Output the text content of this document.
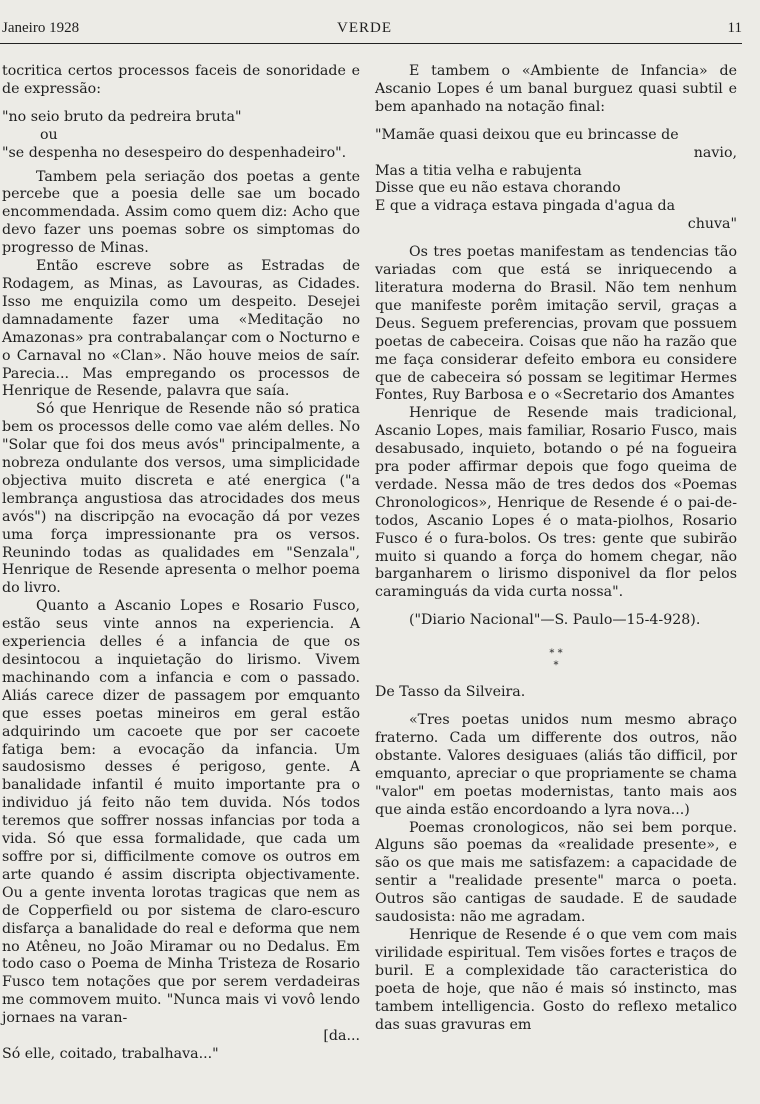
Janeiro 1928	VERDE	11

tocritica certos processos faceis de sonoridade e de expressão:

"no seio bruto da pedreira bruta"

ou

"se despenha no desespeiro do despenhadeiro".

Tambem pela seriação dos poetas a gente percebe que a poesia delle sae um bocado encommendada. Assim como quem diz: Acho que devo fazer uns poemas sobre os simptomas do progresso de Minas.

Então escreve sobre as Estradas de Rodagem, as Minas, as Lavouras, as Cidades. Isso me enquizila como um despeito. Desejei damnadamente fazer uma «Meditação no Amazonas» pra contrabalançar com o Nocturno e o Carnaval no «Clan». Não houve meios de saír. Parecia... Mas empregando os processos de Henrique de Resende, palavra que saía.

Só que Henrique de Resende não só pratica bem os processos delle como vae além delles. No "Solar que foi dos meus avós" principalmente, a nobreza ondulante dos versos, uma simplicidade objectiva muito discreta e até energica ("a lembrança angustiosa das atrocidades dos meus avós") na discripção na evocação dá por vezes uma força impressionante pra os versos. Reunindo todas as qualidades em "Senzala", Henrique de Resende apresenta o melhor poema do livro.

Quanto a Ascanio Lopes e Rosario Fusco, estão seus vinte annos na experiencia. A experiencia delles é a infancia de que os desintocou a inquietação do lirismo. Vivem machinando com a infancia e com o passado. Aliás carece dizer de passagem por emquanto que esses poetas mineiros em geral estão adquirindo um cacoete que por ser cacoete fatiga bem: a evocação da infancia. Um saudosismo desses é perigoso, gente. A banalidade infantil é muito importante pra o individuo já feito não tem duvida. Nós todos teremos que soffrer nossas infancias por toda a vida. Só que essa formalidade, que cada um soffre por si, difficilmente comove os outros em arte quando é assim discripta objectivamente. Ou a gente inventa lorotas tragicas que nem as de Copperfield ou por sistema de claro-escuro disfarça a banalidade do real e deforma que nem no Atêneu, no João Miramar ou no Dedalus. Em todo caso o Poema de Minha Tristeza de Rosario Fusco tem notações que por serem verdadeiras me commovem muito. "Nunca mais vi vovô lendo jornaes na varan-

[da...

Só elle, coitado, trabalhava..."

E tambem o «Ambiente de Infancia» de Ascanio Lopes é um banal burguez quasi subtil e bem apanhado na notação final:

"Mamãe quasi deixou que eu brincasse de

navio,

Mas a titia velha e rabujenta

Disse que eu não estava chorando

E que a vidraça estava pingada d'agua da

chuva"

Os tres poetas manifestam as tendencias tão variadas com que está se inriquecendo a literatura moderna do Brasil. Não tem nenhum que manifeste porêm imitação servil, graças a Deus. Seguem preferencias, provam que possuem poetas de cabeceira. Coisas que não ha razão que me faça considerar defeito embora eu considere que de cabeceira só possam se legitimar Hermes Fontes, Ruy Barbosa e o «Secretario dos Amantes

Henrique de Resende mais tradicional, Ascanio Lopes, mais familiar, Rosario Fusco, mais desabusado, inquieto, botando o pé na fogueira pra poder affirmar depois que fogo queima de verdade. Nessa mão de tres dedos dos «Poemas Chronologicos», Henrique de Resende é o pai-de-todos, Ascanio Lopes é o mata-piolhos, Rosario Fusco é o fura-bolos. Os tres: gente que subirão muito si quando a força do homem chegar, não barganharem o lirismo disponivel da flor pelos caraminguás da vida curta nossa".

("Diario Nacional"—S. Paulo—15-4-928).

* *
*

De Tasso da Silveira.

«Tres poetas unidos num mesmo abraço fraterno. Cada um differente dos outros, não obstante. Valores desiguaes (aliás tão difficil, por emquanto, apreciar o que propriamente se chama "valor" em poetas modernistas, tanto mais aos que ainda estão encordoando a lyra nova...)

Poemas cronologicos, não sei bem porque. Alguns são poemas da «realidade presente», e são os que mais me satisfazem: a capacidade de sentir a "realidade presente" marca o poeta. Outros são cantigas de saudade. E de saudade saudosista: não me agradam.

Henrique de Resende é o que vem com mais virilidade espiritual. Tem visões fortes e traços de buril. E a complexidade tão caracteristica do poeta de hoje, que não é mais só instincto, mas tambem intelligencia. Gosto do reflexo metalico das suas gravuras em
